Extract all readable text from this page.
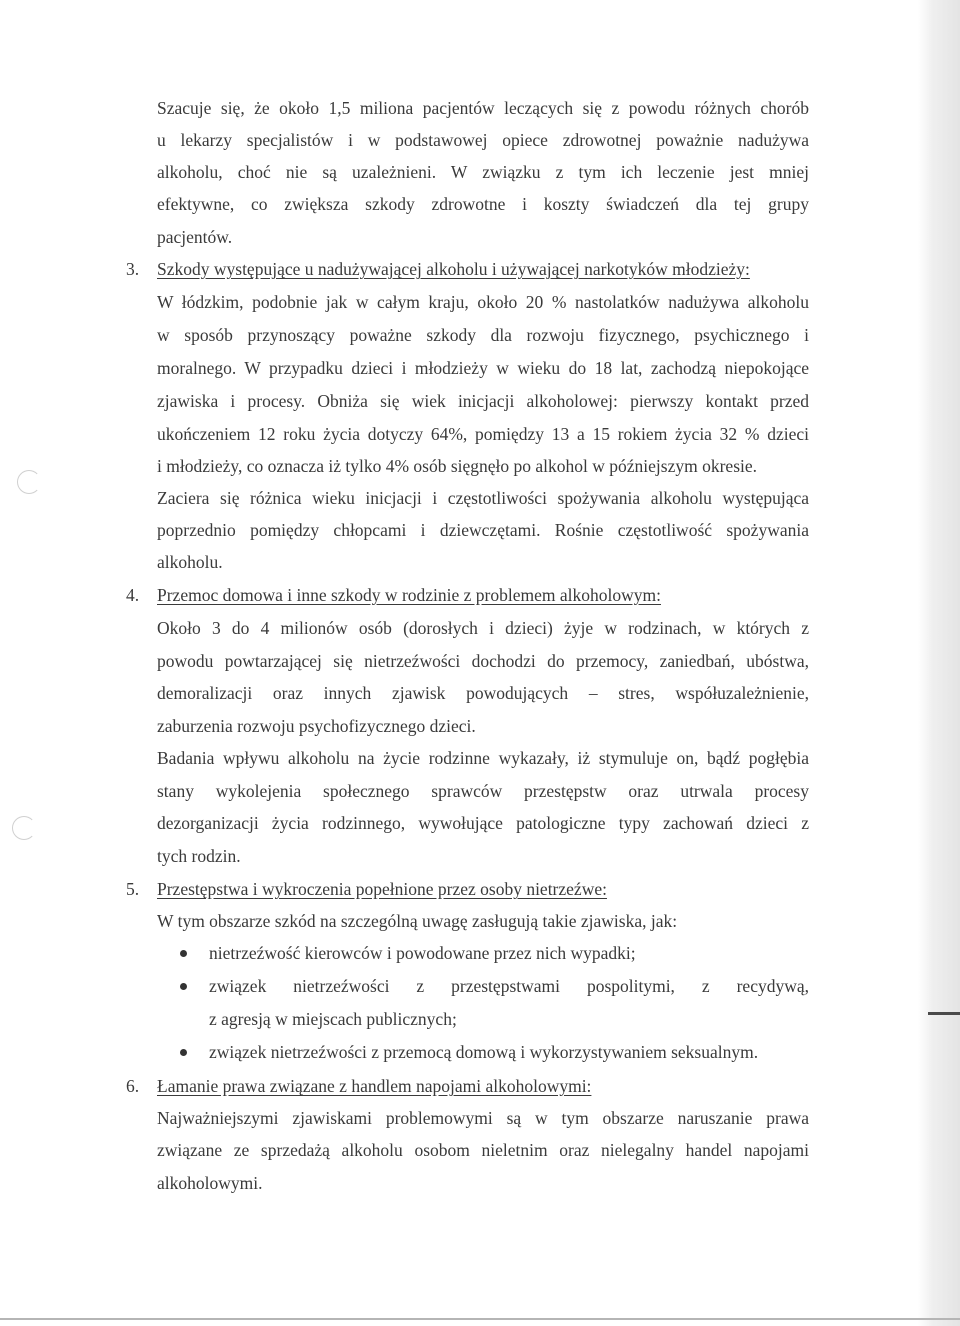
Szacuje się, że około 1,5 miliona pacjentów leczących się z powodu różnych chorób
u lekarzy specjalistów i w podstawowej opiece zdrowotnej poważnie nadużywa
alkoholu, choć nie są uzależnieni. W związku z tym ich leczenie jest mniej
efektywne, co zwiększa szkody zdrowotne i koszty świadczeń dla tej grupy
pacjentów.
3. Szkody występujące u nadużywającej alkoholu i używającej narkotyków młodzieży:
W łódzkim, podobnie jak w całym kraju, około 20 % nastolatków nadużywa alkoholu
w sposób przynoszący poważne szkody dla rozwoju fizycznego, psychicznego i
moralnego. W przypadku dzieci i młodzieży w wieku do 18 lat, zachodzą niepokojące
zjawiska i procesy. Obniża się wiek inicjacji alkoholowej: pierwszy kontakt przed
ukończeniem 12 roku życia dotyczy 64%, pomiędzy 13 a 15 rokiem życia 32 % dzieci
i młodzieży, co oznacza iż tylko 4% osób sięgnęło po alkohol w późniejszym okresie.
Zaciera się różnica wieku inicjacji i częstotliwości spożywania alkoholu występująca
poprzednio pomiędzy chłopcami i dziewczętami. Rośnie częstotliwość spożywania
alkoholu.
4. Przemoc domowa i inne szkody w rodzinie z problemem alkoholowym:
Około 3 do 4 milionów osób (dorosłych i dzieci) żyje w rodzinach, w których z
powodu powtarzającej się nietrzeźwości dochodzi do przemocy, zaniedbań, ubóstwa,
demoralizacji oraz innych zjawisk powodujących – stres, współuzależnienie,
zaburzenia rozwoju psychofizycznego dzieci.
Badania wpływu alkoholu na życie rodzinne wykazały, iż stymuluje on, bądź pogłębia
stany wykolejenia społecznego sprawców przestępstw oraz utrwala procesy
dezorganizacji życia rodzinnego, wywołujące patologiczne typy zachowań dzieci z
tych rodzin.
5. Przestępstwa i wykroczenia popełnione przez osoby nietrzeźwe:
W tym obszarze szkód na szczególną uwagę zasługują takie zjawiska, jak:
nietrzeźwość kierowców i powodowane przez nich wypadki;
związek nietrzeźwości z przestępstwami pospolitymi, z recydywą,
z agresją w miejscach publicznych;
związek nietrzeźwości z przemocą domową i wykorzystywaniem seksualnym.
6. Łamanie prawa związane z handlem napojami alkoholowymi:
Najważniejszymi zjawiskami problemowymi są w tym obszarze naruszanie prawa
związane ze sprzedażą alkoholu osobom nieletnim oraz nielegalny handel napojami
alkoholowymi.
